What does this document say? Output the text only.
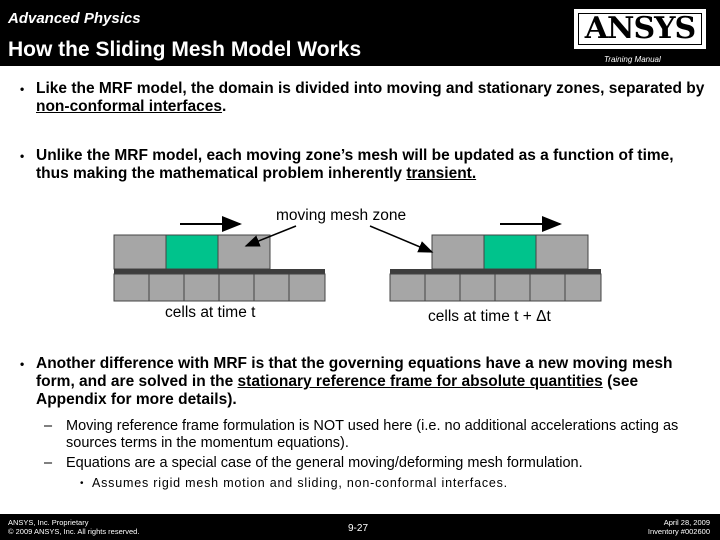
Advanced Physics
How the Sliding Mesh Model Works
ANSYS
Training Manual
• Like the MRF model, the domain is divided into moving and stationary zones, separated by non-conformal interfaces.
• Unlike the MRF model, each moving zone’s mesh will be updated as a function of time, thus making the mathematical problem inherently transient.
moving mesh zone
cells at time t	cells at time t + Δt
• Another difference with MRF is that the governing equations have a new moving mesh form, and are solved in the stationary reference frame for absolute quantities (see Appendix for more details).
– Moving reference frame formulation is NOT used here (i.e. no additional accelerations acting as sources terms in the momentum equations).
– Equations are a special case of the general moving/deforming mesh formulation.
• Assumes rigid mesh motion and sliding, non-conformal interfaces.
ANSYS, Inc. Proprietary
© 2009 ANSYS, Inc. All rights reserved.	9-27
April 28, 2009
Inventory #002600
